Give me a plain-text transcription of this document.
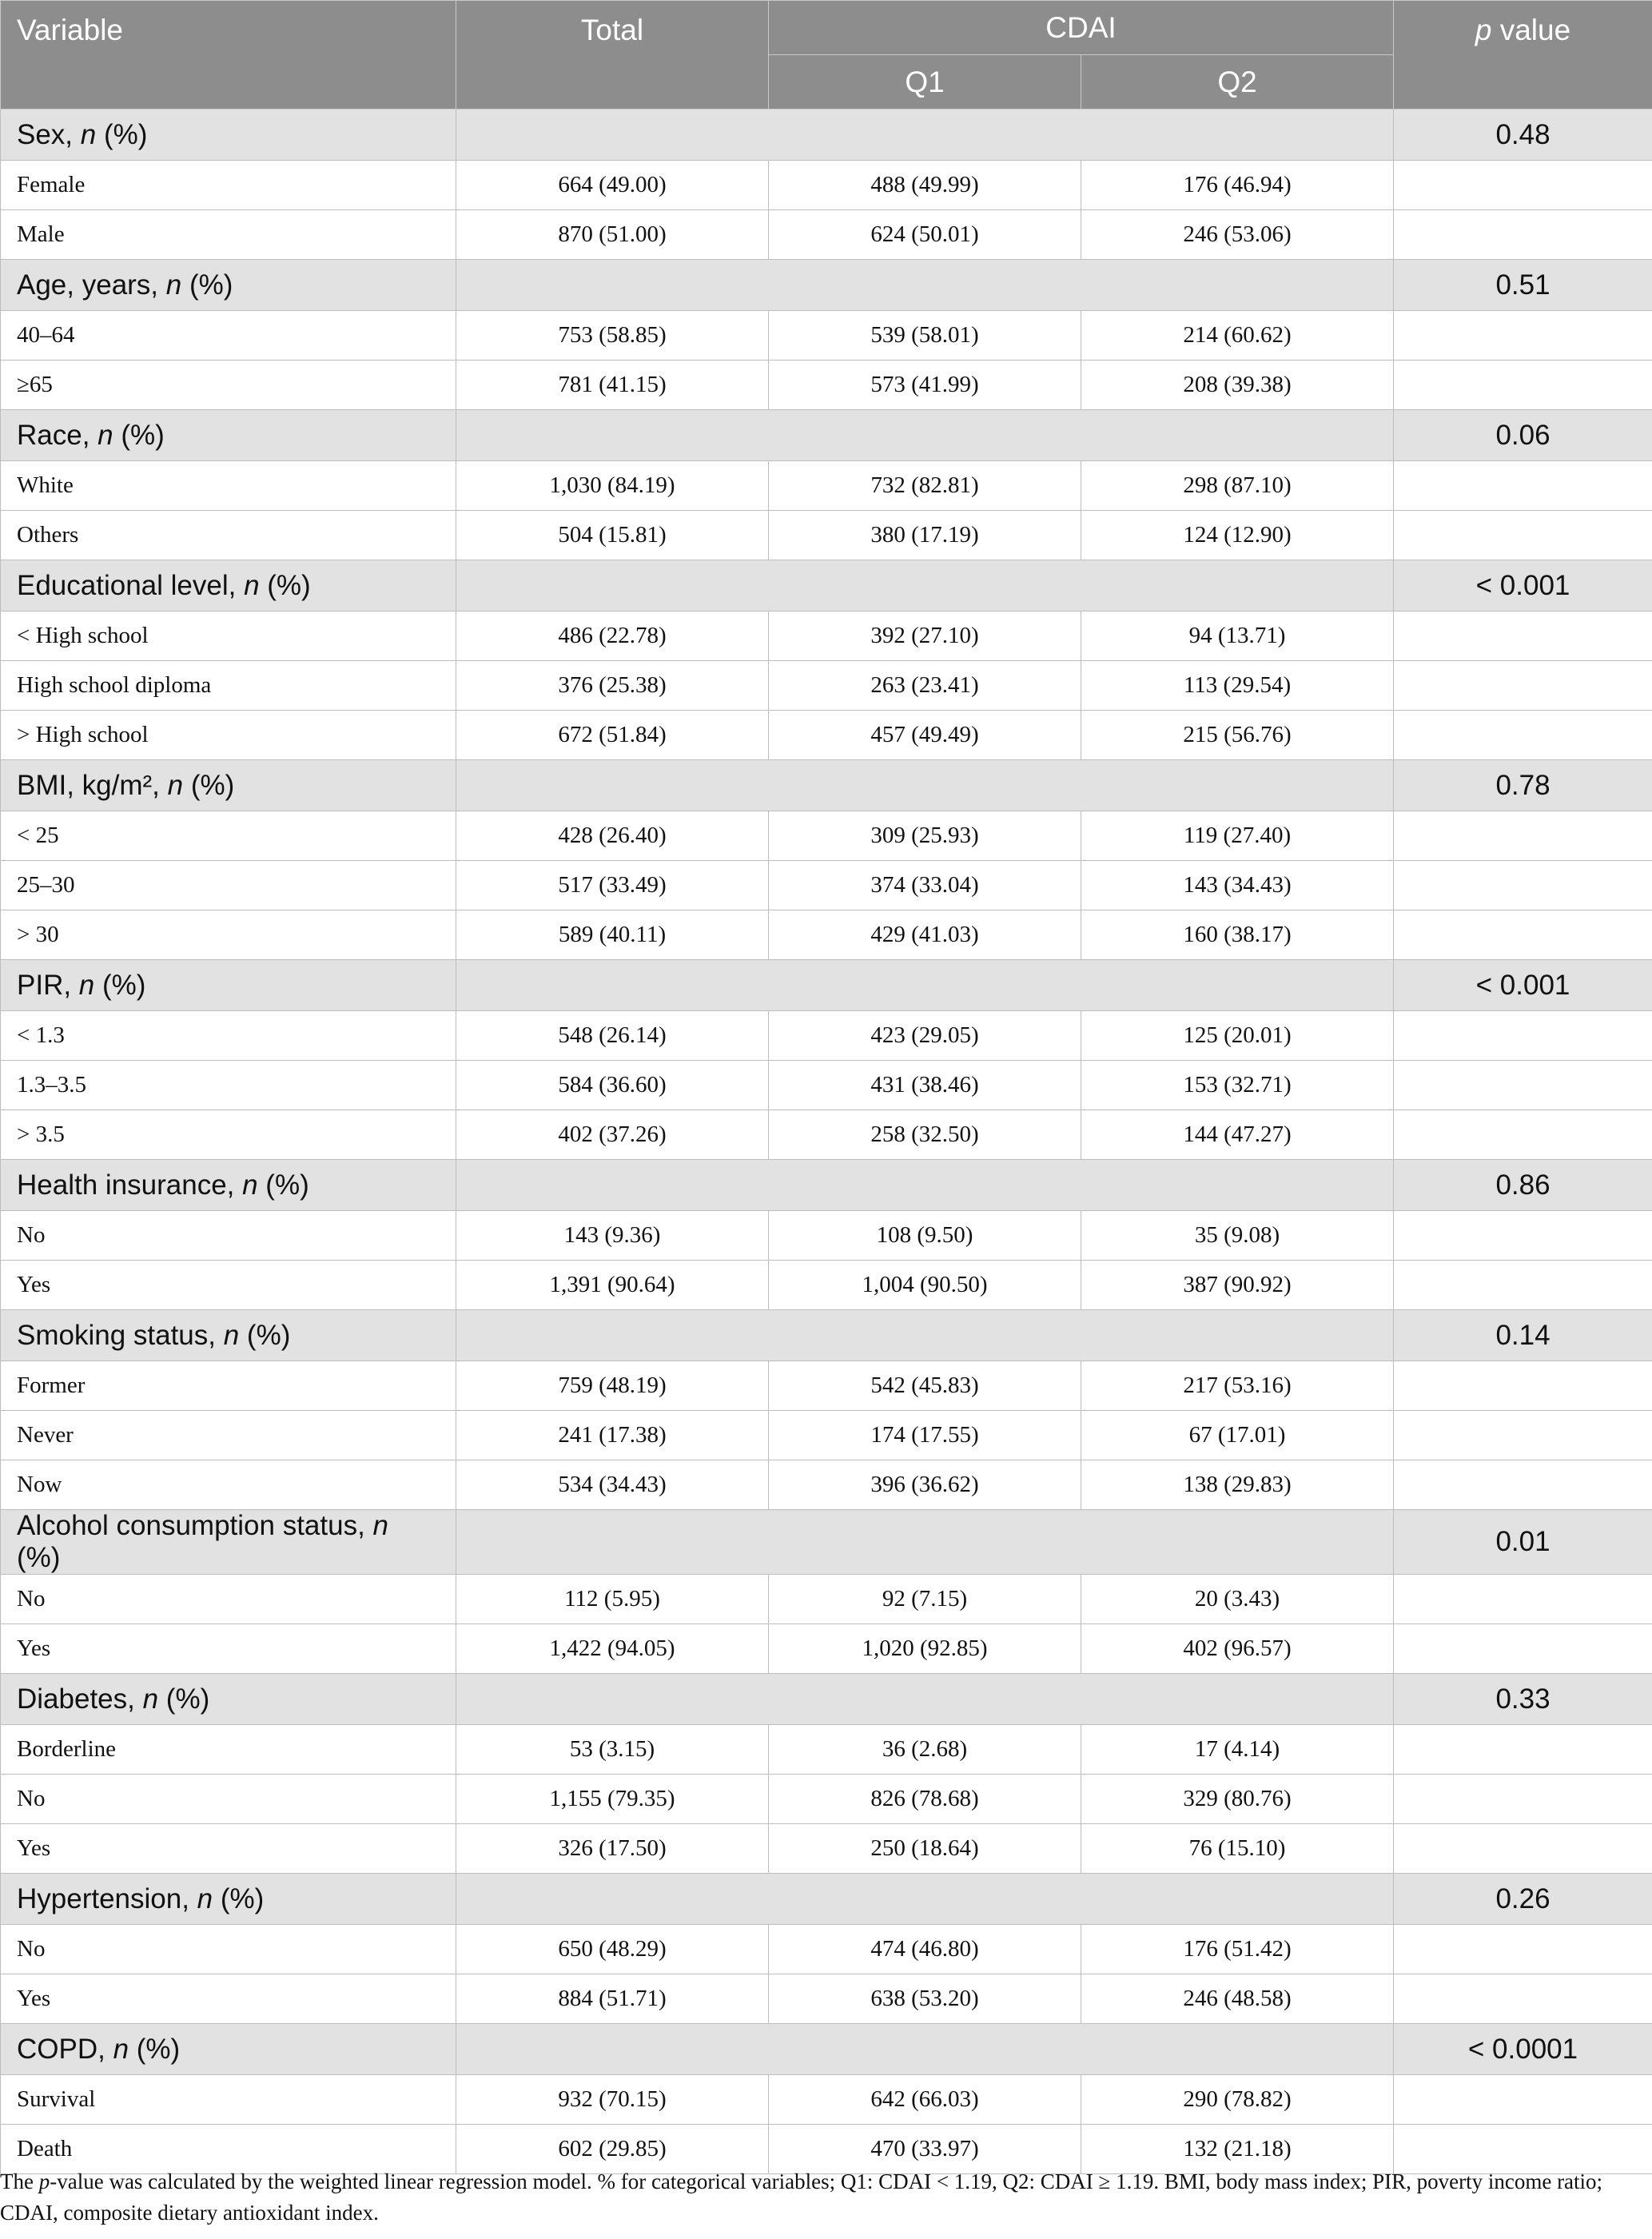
Variable	Total	CDAI		p value
		Q1	Q2	
Sex, n (%)				0.48
Female	664 (49.00)	488 (49.99)	176 (46.94)	
Male	870 (51.00)	624 (50.01)	246 (53.06)	
Age, years, n (%)				0.51
40–64	753 (58.85)	539 (58.01)	214 (60.62)	
≥65	781 (41.15)	573 (41.99)	208 (39.38)	
Race, n (%)				0.06
White	1,030 (84.19)	732 (82.81)	298 (87.10)	
Others	504 (15.81)	380 (17.19)	124 (12.90)	
Educational level, n (%)				< 0.001
< High school	486 (22.78)	392 (27.10)	94 (13.71)	
High school diploma	376 (25.38)	263 (23.41)	113 (29.54)	
> High school	672 (51.84)	457 (49.49)	215 (56.76)	
BMI, kg/m², n (%)				0.78
< 25	428 (26.40)	309 (25.93)	119 (27.40)	
25–30	517 (33.49)	374 (33.04)	143 (34.43)	
> 30	589 (40.11)	429 (41.03)	160 (38.17)	
PIR, n (%)				< 0.001
< 1.3	548 (26.14)	423 (29.05)	125 (20.01)	
1.3–3.5	584 (36.60)	431 (38.46)	153 (32.71)	
> 3.5	402 (37.26)	258 (32.50)	144 (47.27)	
Health insurance, n (%)				0.86
No	143 (9.36)	108 (9.50)	35 (9.08)	
Yes	1,391 (90.64)	1,004 (90.50)	387 (90.92)	
Smoking status, n (%)				0.14
Former	759 (48.19)	542 (45.83)	217 (53.16)	
Never	241 (17.38)	174 (17.55)	67 (17.01)	
Now	534 (34.43)	396 (36.62)	138 (29.83)	
Alcohol consumption status, n (%)				0.01
No	112 (5.95)	92 (7.15)	20 (3.43)	
Yes	1,422 (94.05)	1,020 (92.85)	402 (96.57)	
Diabetes, n (%)				0.33
Borderline	53 (3.15)	36 (2.68)	17 (4.14)	
No	1,155 (79.35)	826 (78.68)	329 (80.76)	
Yes	326 (17.50)	250 (18.64)	76 (15.10)	
Hypertension, n (%)				0.26
No	650 (48.29)	474 (46.80)	176 (51.42)	
Yes	884 (51.71)	638 (53.20)	246 (48.58)	
COPD, n (%)				< 0.0001
Survival	932 (70.15)	642 (66.03)	290 (78.82)	
Death	602 (29.85)	470 (33.97)	132 (21.18)	
The p-value was calculated by the weighted linear regression model. % for categorical variables; Q1: CDAI < 1.19, Q2: CDAI ≥ 1.19. BMI, body mass index; PIR, poverty income ratio; CDAI, composite dietary antioxidant index.
